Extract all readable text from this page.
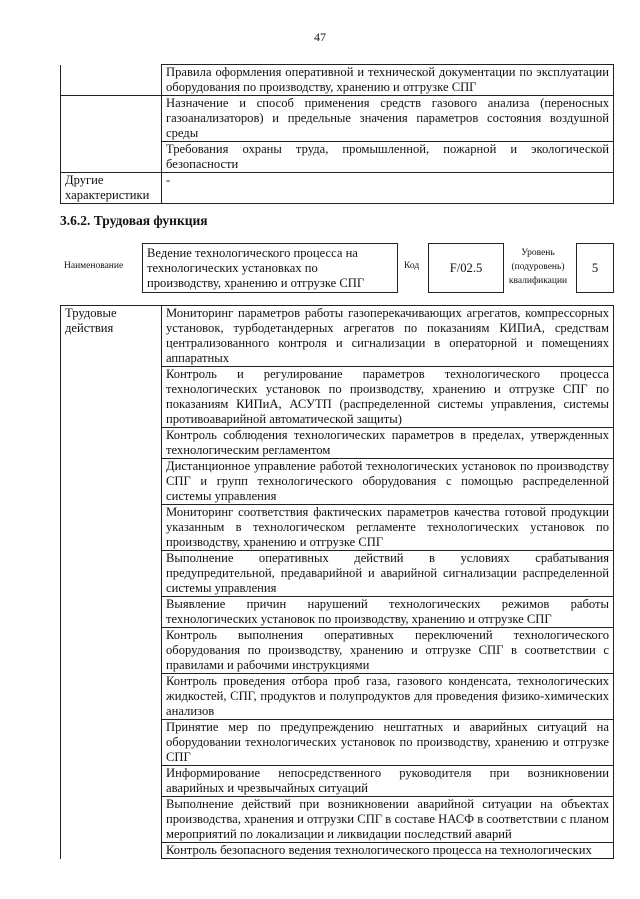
47
	Правила оформления оперативной и технической документации по эксплуатации оборудования по производству, хранению и отгрузке СПГ
	Назначение и способ применения средств газового анализа (переносных газоанализаторов) и предельные значения параметров состояния воздушной среды
	Требования охраны труда, промышленной, пожарной и экологической безопасности
Другие характеристики	-
3.6.2. Трудовая функция
Наименование
Ведение технологического процесса на технологических установках по производству, хранению и отгрузке СПГ
Код	F/02.5
Уровень (подуровень) квалификации
5
Трудовые действия	Мониторинг параметров работы газоперекачивающих агрегатов, компрессорных установок, турбодетандерных агрегатов по показаниям КИПиА, средствам централизованного контроля и сигнализации в операторной и помещениях аппаратных
Контроль и регулирование параметров технологического процесса технологических установок по производству, хранению и отгрузке СПГ по показаниям КИПиА, АСУТП (распределенной системы управления, системы противоаварийной автоматической защиты)
Контроль соблюдения технологических параметров в пределах, утвержденных технологическим регламентом
Дистанционное управление работой технологических установок по производству СПГ и групп технологического оборудования с помощью распределенной системы управления
Мониторинг соответствия фактических параметров качества готовой продукции указанным в технологическом регламенте технологических установок по производству, хранению и отгрузке СПГ
Выполнение оперативных действий в условиях срабатывания предупредительной, предаварийной и аварийной сигнализации распределенной системы управления
Выявление причин нарушений технологических режимов работы технологических установок по производству, хранению и отгрузке СПГ
Контроль выполнения оперативных переключений технологического оборудования по производству, хранению и отгрузке СПГ в соответствии с правилами и рабочими инструкциями
Контроль проведения отбора проб газа, газового конденсата, технологических жидкостей, СПГ, продуктов и полупродуктов для проведения физико-химических анализов
Принятие мер по предупреждению нештатных и аварийных ситуаций на оборудовании технологических установок по производству, хранению и отгрузке СПГ
Информирование непосредственного руководителя при возникновении аварийных и чрезвычайных ситуаций
Выполнение действий при возникновении аварийной ситуации на объектах производства, хранения и отгрузки СПГ в составе НАСФ в соответствии с планом мероприятий по локализации и ликвидации последствий аварий
Контроль безопасного ведения технологического процесса на технологических
